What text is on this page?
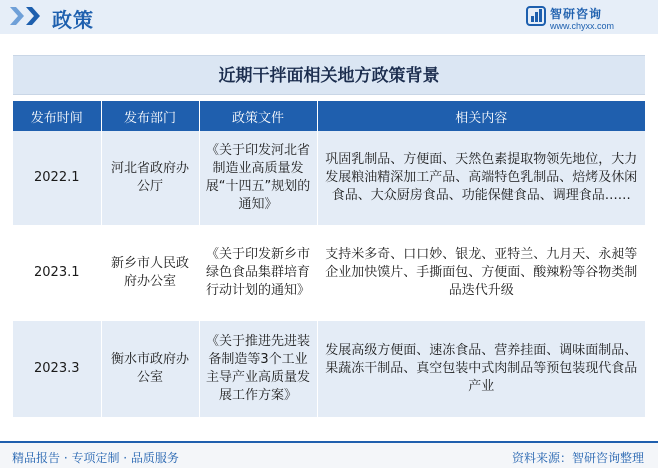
政策	智研咨询
www.chyxx.com
近期干拌面相关地方政策背景
发布时间	发布部门	政策文件	相关内容
2022.1	河北省政府办公厅	《关于印发河北省制造业高质量发展“十四五”规划的通知》	巩固乳制品、方便面、天然色素提取物领先地位，大力发展粮油精深加工产品、高端特色乳制品、焙烤及休闲食品、大众厨房食品、功能保健食品、调理食品……
2023.1	新乡市人民政府办公室	《关于印发新乡市绿色食品集群培育行动计划的通知》	支持米多奇、口口妙、银龙、亚特兰、九月天、永昶等企业加快馍片、手撕面包、方便面、酸辣粉等谷物类制品迭代升级
2023.3	衡水市政府办公室	《关于推进先进装备制造等3个工业主导产业高质量发展工作方案》	发展高级方便面、速冻食品、营养挂面、调味面制品、果蔬冻干制品、真空包装中式肉制品等预包装现代食品产业
精品报告 · 专项定制 · 品质服务	资料来源：智研咨询整理
